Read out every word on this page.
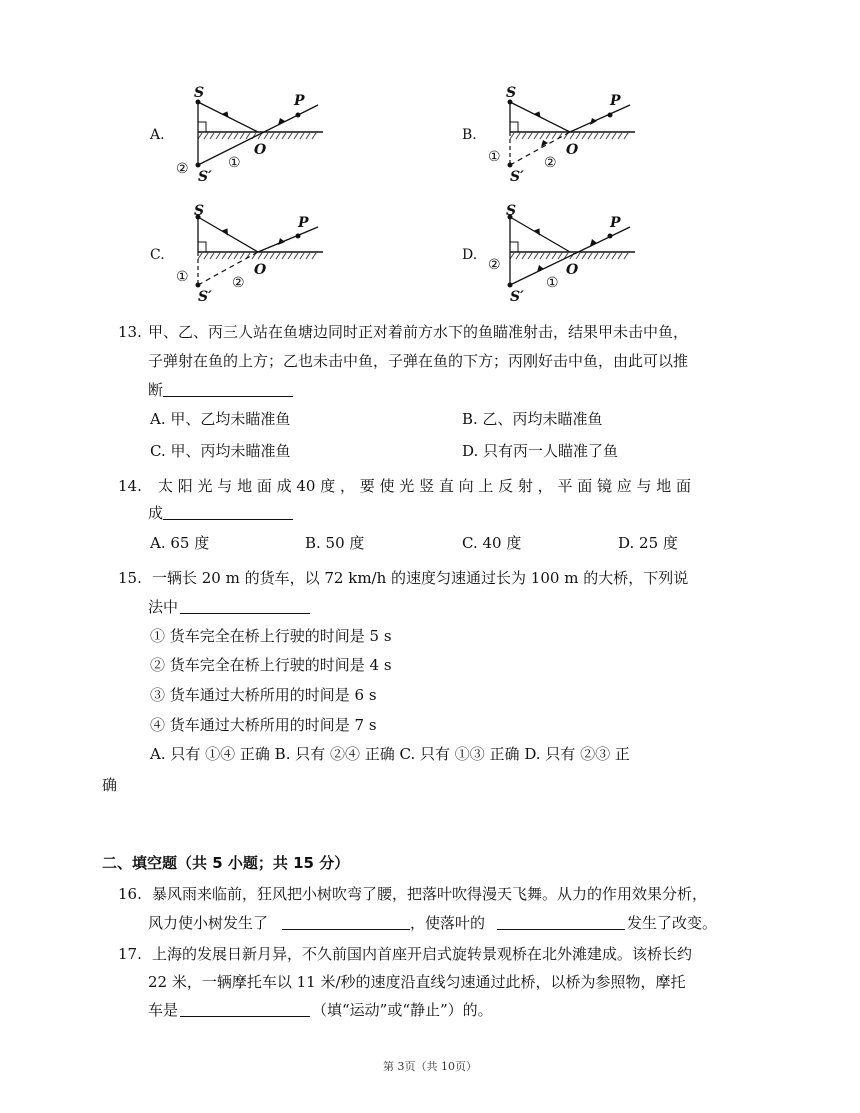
A.
S	P
O
S′
①
②
B.
S	P
O
S′
①	②
C.
S
P
O
S′
①	②
D.
S
P
O
S′
①
②
13. 甲、乙、丙三人站在鱼塘边同时正对着前方水下的鱼瞄准射击，结果甲未击中鱼，
子弹射在鱼的上方；乙也未击中鱼，子弹在鱼的下方；丙刚好击中鱼，由此可以推
断
A. 甲、乙均未瞄准鱼	B. 乙、丙均未瞄准鱼
C. 甲、丙均未瞄准鱼	D. 只有丙一人瞄准了鱼
14. 太 阳 光 与 地 面 成 40 度 ， 要 使 光 竖 直 向 上 反 射 ， 平 面 镜 应 与 地 面
成
A. 65 度	B. 50 度	C. 40 度	D. 25 度
15. 一辆长 20 m 的货车，以 72 km/h 的速度匀速通过长为 100 m 的大桥，下列说
法中
① 货车完全在桥上行驶的时间是 5 s
② 货车完全在桥上行驶的时间是 4 s
③ 货车通过大桥所用的时间是 6 s
④ 货车通过大桥所用的时间是 7 s
A. 只有 ①④ 正确 B. 只有 ②④ 正确 C. 只有 ①③ 正确 D. 只有 ②③ 正
确
二、填空题（共 5 小题；共 15 分）
16. 暴风雨来临前，狂风把小树吹弯了腰，把落叶吹得漫天飞舞。从力的作用效果分析，
风力使小树发生了	，使落叶的	发生了改变。
17. 上海的发展日新月异，不久前国内首座开启式旋转景观桥在北外滩建成。该桥长约
22 米，一辆摩托车以 11 米/秒的速度沿直线匀速通过此桥，以桥为参照物，摩托
车是	（填“运动”或“静止”）的。
第 3页（共 10页）
